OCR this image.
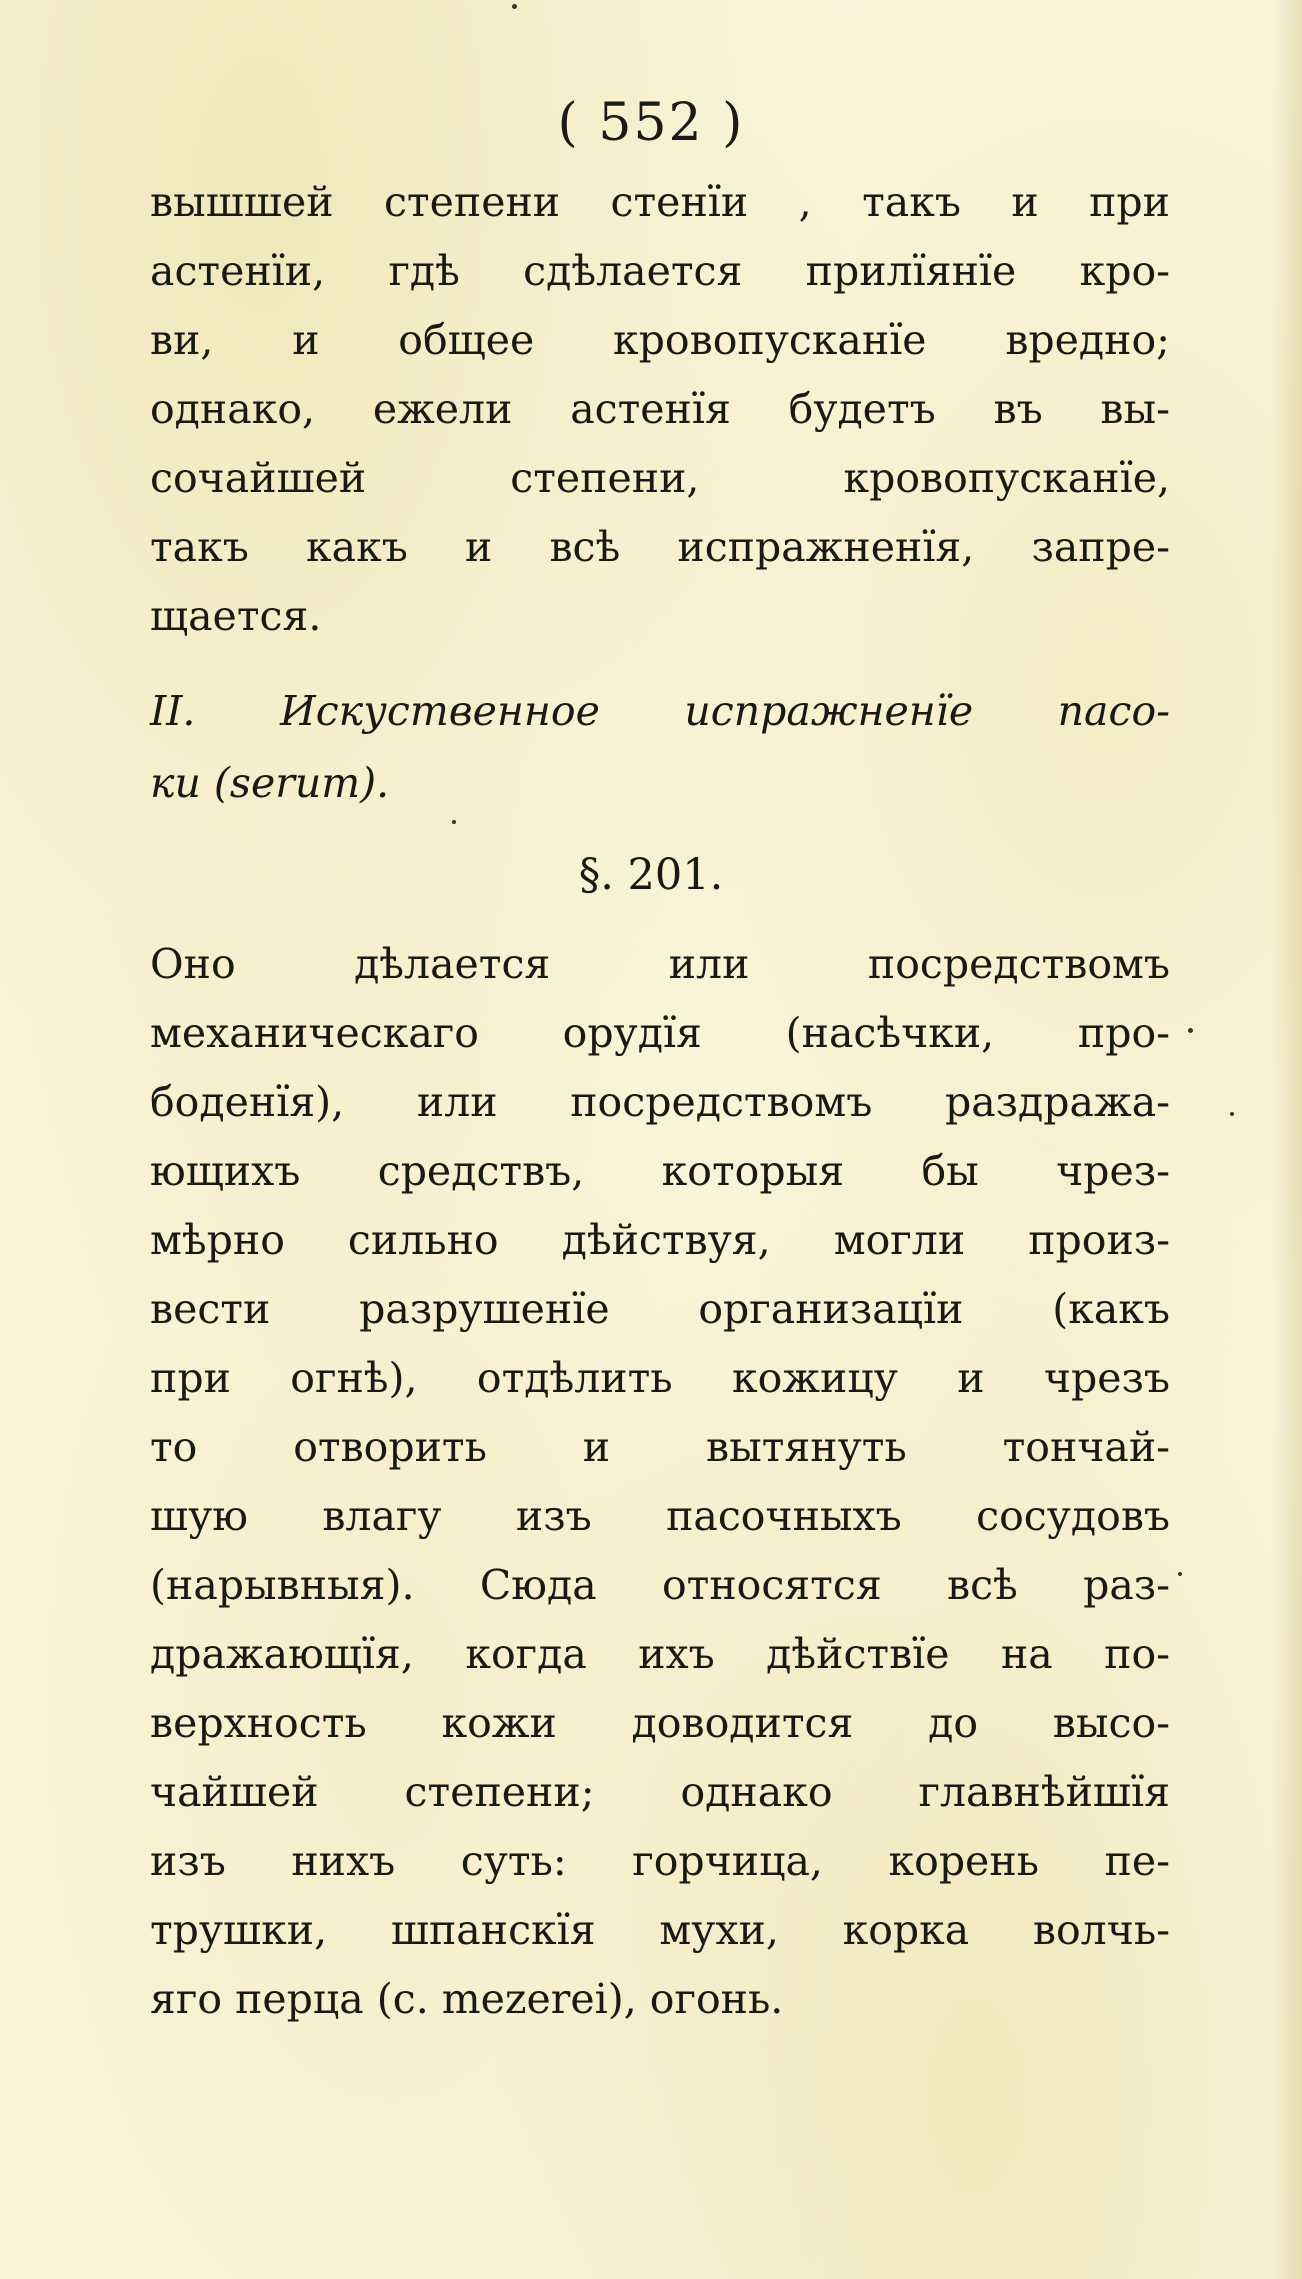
( 552 )
вышшей степени стенїи , такъ и при
астенїи, гдѣ сдѣлается прилїянїе кро-
ви, и общее кровопусканїе вредно;
однако, ежели астенїя будетъ въ вы-
сочайшей степени, кровопусканїе,
такъ какъ и всѣ испражненїя, запре-
щается.
II. Искуственное испражненїе пасо-
ки (serum).
§. 201.
Оно дѣлается или посредствомъ
механическаго орудїя (насѣчки, про-
боденїя), или посредствомъ раздража-
ющихъ средствъ, которыя бы чрез-
мѣрно сильно дѣйствуя, могли произ-
вести разрушенїе организацїи (какъ
при огнѣ), отдѣлить кожицу и чрезъ
то отворить и вытянуть тончай-
шую влагу изъ пасочныхъ сосудовъ
(нарывныя). Сюда относятся всѣ раз-
дражающїя, когда ихъ дѣйствїе на по-
верхность кожи доводится до высо-
чайшей степени; однако главнѣйшїя
изъ нихъ суть: горчица, корень пе-
трушки, шпанскїя мухи, корка волчь-
яго перца (с. mezerei), огонь.
